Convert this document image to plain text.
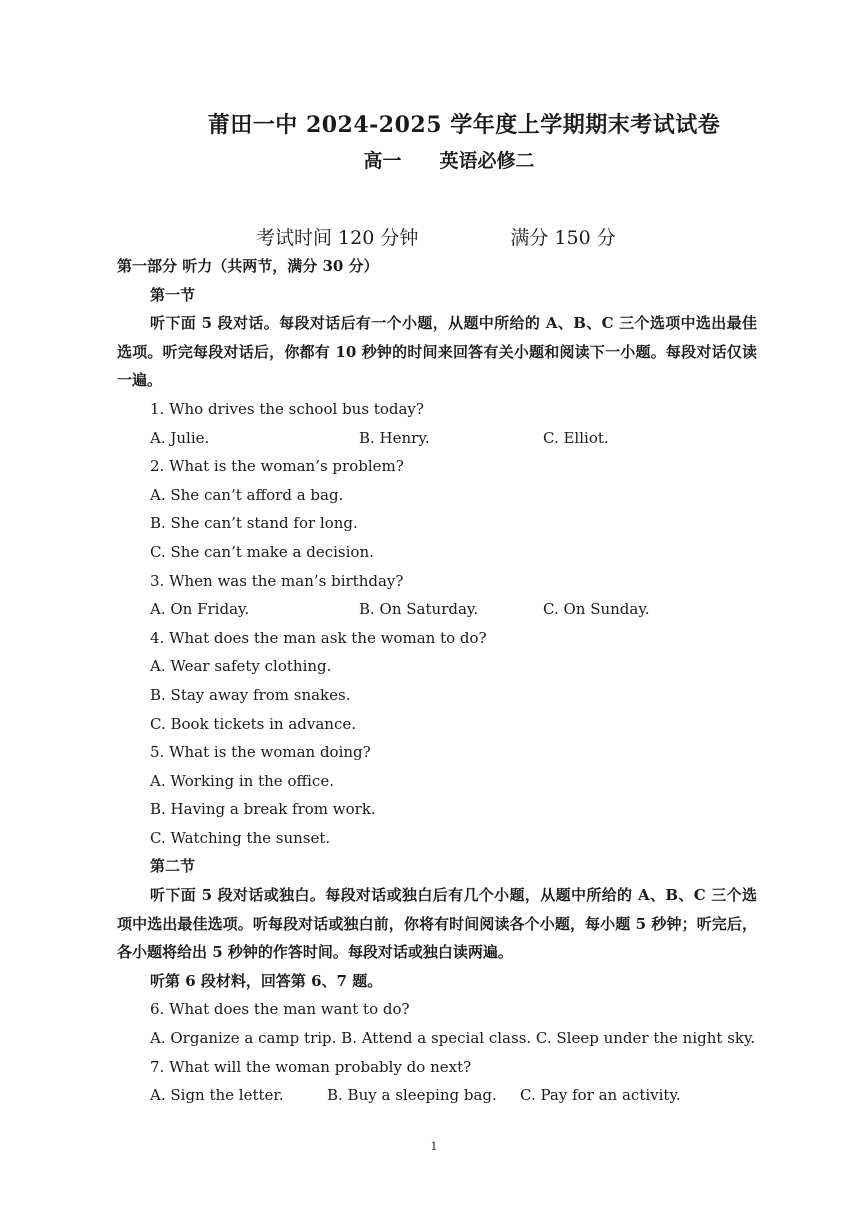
莆田一中 2024-2025 学年度上学期期末考试试卷
高一 英语必修二
考试时间 120 分钟	满分 150 分
第一部分 听力（共两节，满分 30 分）
第一节
听下面 5 段对话。每段对话后有一个小题，从题中所给的 A、B、C 三个选项中选出最佳选项。听完每段对话后，你都有 10 秒钟的时间来回答有关小题和阅读下一小题。每段对话仅读一遍。
1. Who drives the school bus today?
A. Julie.	B. Henry.	C. Elliot.
2. What is the woman’s problem?
A. She can’t afford a bag.
B. She can’t stand for long.
C. She can’t make a decision.
3. When was the man’s birthday?
A. On Friday.	B. On Saturday.	C. On Sunday.
4. What does the man ask the woman to do?
A. Wear safety clothing.
B. Stay away from snakes.
C. Book tickets in advance.
5. What is the woman doing?
A. Working in the office.
B. Having a break from work.
C. Watching the sunset.
第二节
听下面 5 段对话或独白。每段对话或独白后有几个小题，从题中所给的 A、B、C 三个选项中选出最佳选项。听每段对话或独白前，你将有时间阅读各个小题，每小题 5 秒钟；听完后，各小题将给出 5 秒钟的作答时间。每段对话或独白读两遍。
听第 6 段材料，回答第 6、7 题。
6. What does the man want to do?
A. Organize a camp trip. B. Attend a special class. C. Sleep under the night sky.
7. What will the woman probably do next?
A. Sign the letter.	B. Buy a sleeping bag.	C. Pay for an activity.
1
